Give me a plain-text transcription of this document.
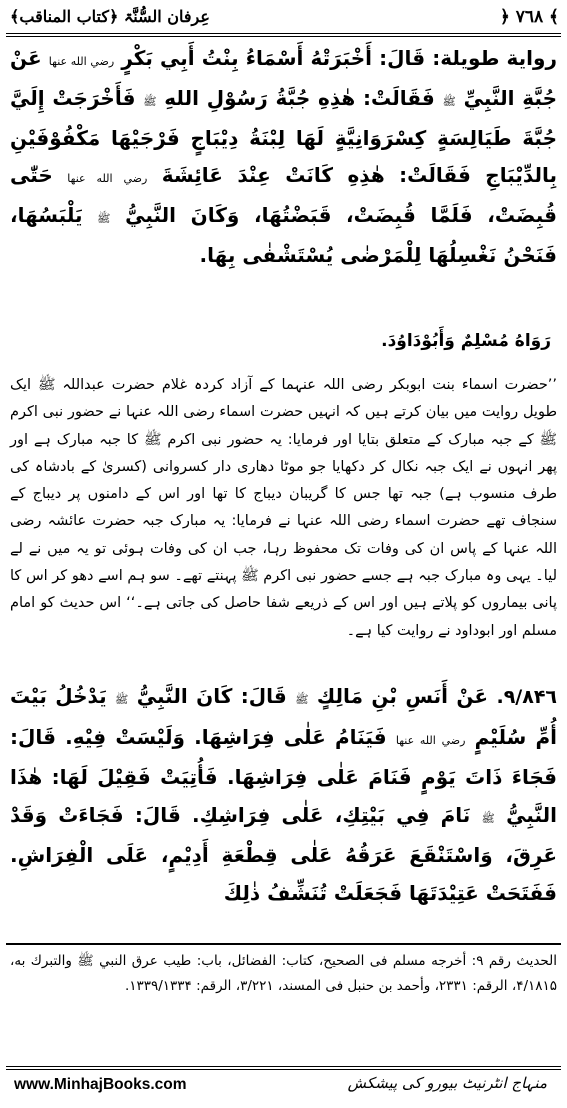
﴾ ۷٦۸ ﴿
عِرفان السُّنَّۃ ﴿کتاب المناقب﴾
رواية طويلة: قَالَ: أَخْبَرَتْهُ أَسْمَاءُ بِنْتُ أَبِي بَكْرٍ رضي الله عنها عَنْ جُبَّةِ النَّبِيِّ ﷺ فَقَالَتْ: هٰذِهِ جُبَّةُ رَسُوْلِ اللهِ ﷺ فَأَخْرَجَتْ إِلَيَّ جُبَّةَ طَيَالِسَةٍ كِسْرَوَانِيَّةٍ لَهَا لِبْنَةُ دِيْبَاجٍ فَرْجَيْهَا مَكْفُوْفَيْنِ بِالدِّيْبَاجِ فَقَالَتْ: هٰذِهِ كَانَتْ عِنْدَ عَائِشَةَ رضي الله عنها حَتّٰى قُبِضَتْ، فَلَمَّا قُبِضَتْ، قَبَضْتُهَا، وَكَانَ النَّبِيُّ ﷺ يَلْبَسُهَا، فَنَحْنُ نَغْسِلُهَا لِلْمَرْضٰى يُسْتَشْفٰى بِهَا.
رَوَاهُ مُسْلِمٌ وَأَبُوْدَاوُدَ.
’’حضرت اسماء بنت ابوبکر رضی اللہ عنہما کے آزاد کردہ غلام حضرت عبداللہ ﷺ ایک طویل روایت میں بیان کرتے ہیں کہ انہیں حضرت اسماء رضی اللہ عنہا نے حضور نبی اکرم ﷺ کے جبہ مبارک کے متعلق بتایا اور فرمایا: یہ حضور نبی اکرم ﷺ کا جبہ مبارک ہے اور پھر انہوں نے ایک جبہ نکال کر دکھایا جو موٹا دھاری دار کسروانی (کسریٰ کے بادشاہ کی طرف منسوب ہے) جبہ تھا جس کا گریبان دیباج کا تھا اور اس کے دامنوں پر دیباج کے سنجاف تھے حضرت اسماء رضی اللہ عنہا نے فرمایا: یہ مبارک جبہ حضرت عائشہ رضی اللہ عنہا کے پاس ان کی وفات تک محفوظ رہا، جب ان کی وفات ہوئی تو یہ میں نے لے لیا۔ یہی وہ مبارک جبہ ہے جسے حضور نبی اکرم ﷺ پہنتے تھے۔ سو ہم اسے دھو کر اس کا پانی بیماروں کو پلاتے ہیں اور اس کے ذریعے شفا حاصل کی جاتی ہے۔‘‘ اس حدیث کو امام مسلم اور ابوداود نے روایت کیا ہے۔
۹/۸۴٦. عَنْ أَنَسِ بْنِ مَالِكٍ ﷺ قَالَ: كَانَ النَّبِيُّ ﷺ يَدْخُلُ بَيْتَ أُمِّ سُلَيْمٍ رضي الله عنها فَيَنَامُ عَلٰى فِرَاشِهَا. وَلَيْسَتْ فِيْهِ. قَالَ: فَجَاءَ ذَاتَ يَوْمٍ فَنَامَ عَلٰى فِرَاشِهَا. فَأُتِيَتْ فَقِيْلَ لَهَا: هٰذَا النَّبِيُّ ﷺ نَامَ فِي بَيْتِكِ، عَلٰى فِرَاشِكِ. قَالَ: فَجَاءَتْ وَقَدْ عَرِقَ، وَاسْتَنْقَعَ عَرَقُهُ عَلٰى قِطْعَةِ أَدِيْمٍ، عَلَى الْفِرَاشِ. فَفَتَحَتْ عَتِيْدَتَهَا فَجَعَلَتْ تُنَشِّفُ ذٰلِكَ
الحديث رقم ۹: أخرجه مسلم فی الصحيح، كتاب: الفضائل، باب: طيب عرق النبي ﷺ والتبرك به، ۴/۱۸۱۵، الرقم: ۲۳۳۱، وأحمد بن حنبل فی المسند، ۳/۲۲۱، الرقم: ۱۳۳۹/۱۳۳۴.
www.MinhajBooks.com	منہاج انٹرنیٹ بیورو کی پیشکش
